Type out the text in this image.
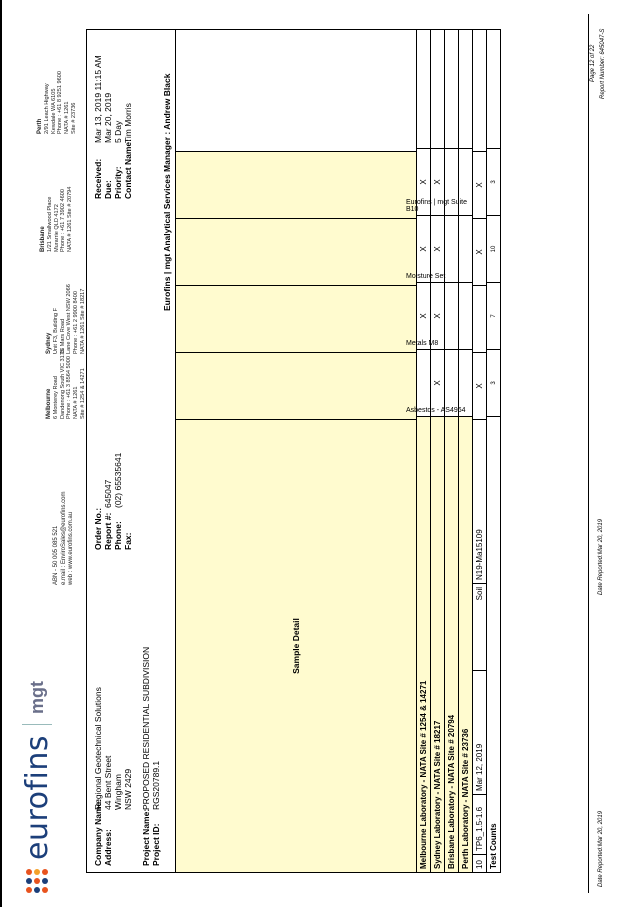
eurofins
mgt
ABN - 50 005 085 521 e.mail : EnviroSales@eurofins.com web : www.eurofins.com.au
Melbourne 6 Monterey Road Dandenong South VIC 3175 Phone : +61 3 8564 5000 NATA # 1261 Site # 1254 & 14271
Sydney Unit F3, Building F 16 Mars Road Lane Cove West NSW 2066 Phone : +61 2 9900 8400 NATA # 1261 Site # 18217
Brisbane 1/21 Smallwood Place Murarrie QLD 4172 Phone : +61 7 3902 4600 NATA # 1261 Site # 20794
Perth 2/91 Leach Highway Kewdale WA 6105 Phone : +61 8 9251 9600 NATA # 1261 Site # 23736
Company Name:Regional Geotechnical Solutions
Address:44 Bent Street Wingham NSW 2429
Project Name:PROPOSED RESIDENTIAL SUBDIVISION
Project ID:RGS20789.1
Order No.: Report #:645047
Phone:(02) 65535641
Fax:
Received:Mar 13, 2019 11:15 AM
Due:Mar 20, 2019
Priority:5 Day
Contact Name:Tim Morris	Eurofins | mgt Analytical Services Manager : Andrew Black
Sample Detail
Asbestos - AS4964
Metals M8
Moisture Set
Eurofins | mgt Suite B10
Melbourne Laboratory - NATA Site # 1254 & 14271
X
X
X
Sydney Laboratory - NATA Site # 18217
X
X
X
X
Brisbane Laboratory - NATA Site # 20794 Perth Laboratory - NATA Site # 23736 10
TP6_1.5-1.6
Mar 12, 2019
Soil
N19-Ma15109
X
X
X
Test Counts
3
7
10
3
Date Reported:Mar 20, 2019
Date Reported:Mar 20, 2019
Page 12 of 22 Report Number: 645047-S
